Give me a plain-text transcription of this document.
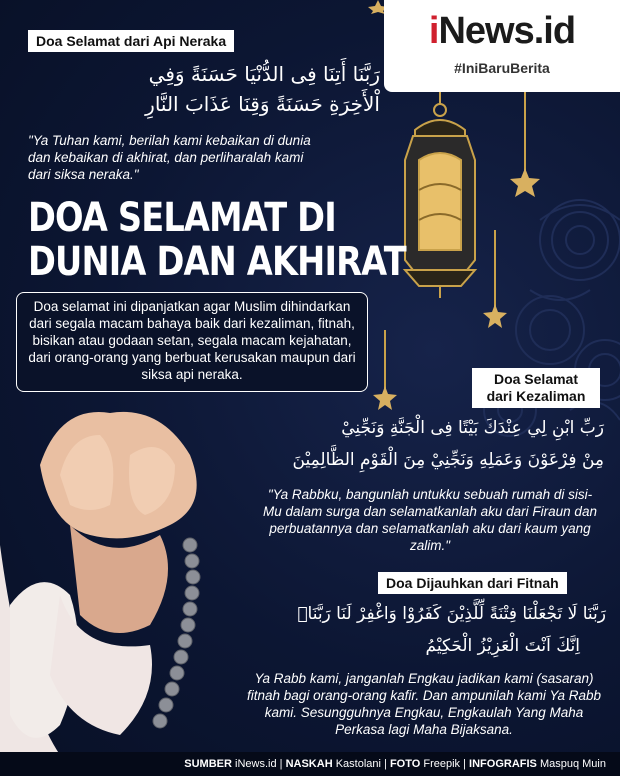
iNews.id
#IniBaruBerita
Doa Selamat dari Api Neraka
رَبَّنَا أَتِنَا فِى الدُّنْيَا حَسَنَةً وَفِي
اْلأَخِرَةِ حَسَنَةً وَقِنَا عَذَابَ النَّارِ
"Ya Tuhan kami, berilah kami kebaikan di dunia dan kebaikan di akhirat, dan perliharalah kami dari siksa neraka."
DOA SELAMAT DI
DUNIA DAN AKHIRAT
Doa selamat ini dipanjatkan agar Muslim dihindarkan dari segala macam bahaya baik dari kezaliman, fitnah, bisikan atau godaan setan, segala macam kejahatan, dari orang-orang yang berbuat kerusakan maupun dari siksa api neraka.	Doa Selamat
dari Kezaliman
رَبِّ ابْنِ لِي عِنْدَكَ بَيْتًا فِى الْجَنَّةِ وَنَجِّنِيْ
مِنْ فِرْعَوْنَ وَعَمَلِهِ وَنَجِّنِيْ مِنَ الْقَوْمِ الظَّالِمِيْنَ
"Ya Rabbku, bangunlah untukku sebuah rumah di sisi-Mu dalam surga dan selamatkanlah aku dari Firaun dan perbuatannya dan selamatkanlah aku dari kaum yang zalim."
Doa Dijauhkan dari Fitnah
رَبَّنَا لَا تَجْعَلْنَا فِتْنَةً لِّلَّذِيْنَ كَفَرُوْا وَاغْفِرْ لَنَا رَبَّنَاۚ
اِنَّكَ اَنْتَ الْعَزِيْزُ الْحَكِيْمُ
Ya Rabb kami, janganlah Engkau jadikan kami (sasaran) fitnah bagi orang-orang kafir. Dan ampunilah kami Ya Rabb kami. Sesungguhnya Engkau, Engkaulah Yang Maha Perkasa lagi Maha Bijaksana.
SUMBER iNews.id | NASKAH Kastolani | FOTO Freepik | INFOGRAFIS Maspuq Muin
